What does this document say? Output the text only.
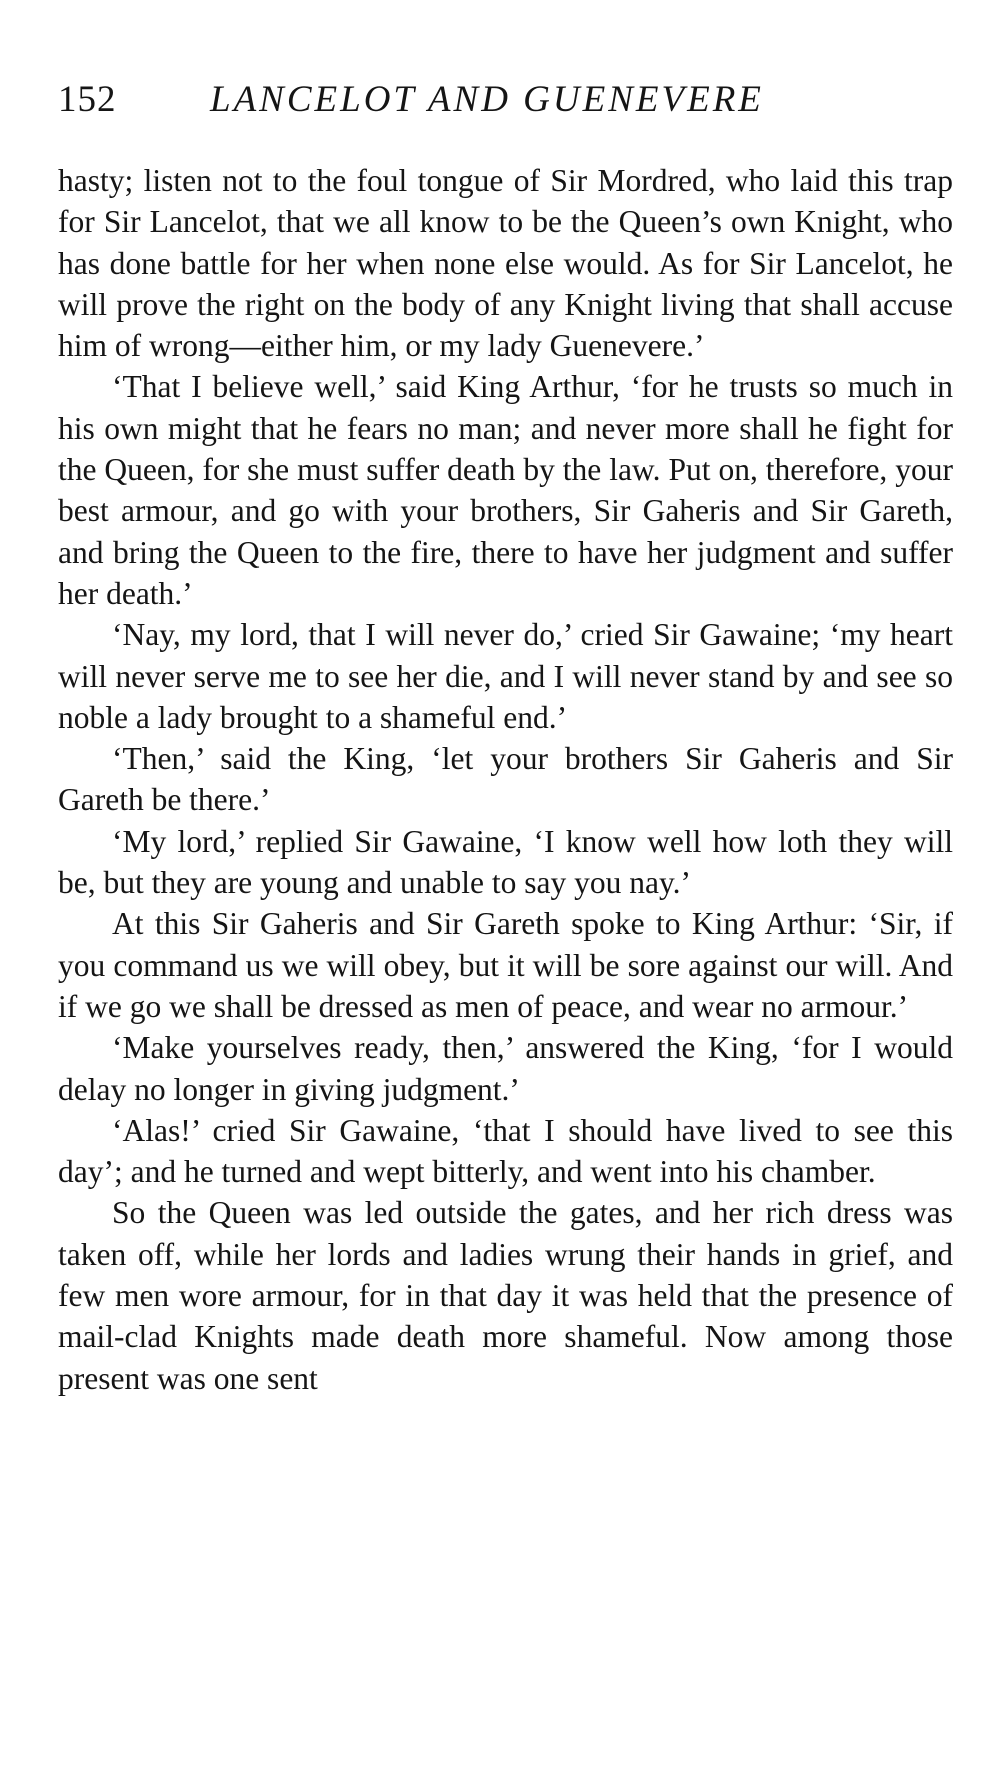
152	LANCELOT AND GUENEVERE

hasty; listen not to the foul tongue of Sir Mordred, who laid this trap for Sir Lancelot, that we all know to be the Queen’s own Knight, who has done battle for her when none else would. As for Sir Lancelot, he will prove the right on the body of any Knight living that shall accuse him of wrong—either him, or my lady Guenevere.’

‘That I believe well,’ said King Arthur, ‘for he trusts so much in his own might that he fears no man; and never more shall he fight for the Queen, for she must suffer death by the law. Put on, therefore, your best armour, and go with your brothers, Sir Gaheris and Sir Gareth, and bring the Queen to the fire, there to have her judgment and suffer her death.’

‘Nay, my lord, that I will never do,’ cried Sir Gawaine; ‘my heart will never serve me to see her die, and I will never stand by and see so noble a lady brought to a shameful end.’

‘Then,’ said the King, ‘let your brothers Sir Gaheris and Sir Gareth be there.’

‘My lord,’ replied Sir Gawaine, ‘I know well how loth they will be, but they are young and unable to say you nay.’

At this Sir Gaheris and Sir Gareth spoke to King Arthur: ‘Sir, if you command us we will obey, but it will be sore against our will. And if we go we shall be dressed as men of peace, and wear no armour.’

‘Make yourselves ready, then,’ answered the King, ‘for I would delay no longer in giving judgment.’

‘Alas!’ cried Sir Gawaine, ‘that I should have lived to see this day’; and he turned and wept bitterly, and went into his chamber.

So the Queen was led outside the gates, and her rich dress was taken off, while her lords and ladies wrung their hands in grief, and few men wore armour, for in that day it was held that the presence of mail-clad Knights made death more shameful. Now among those present was one sent
